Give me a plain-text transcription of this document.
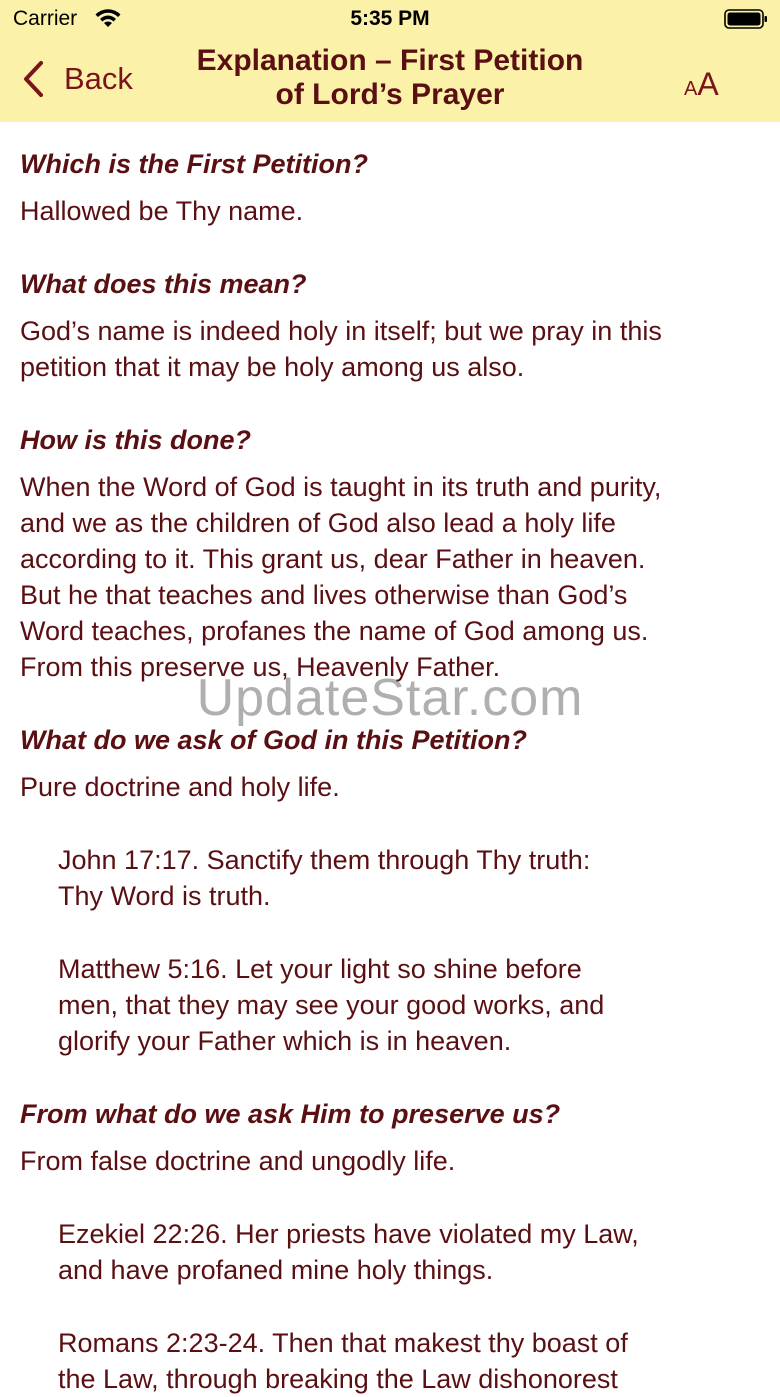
Carrier	5:35 PM
Back
Explanation – First Petition
of Lord’s Prayer	AA

Which is the First Petition?

Hallowed be Thy name.

What does this mean?

God’s name is indeed holy in itself; but we pray in this

petition that it may be holy among us also.

How is this done?

When the Word of God is taught in its truth and purity,

and we as the children of God also lead a holy life

according to it. This grant us, dear Father in heaven.

But he that teaches and lives otherwise than God’s

Word teaches, profanes the name of God among us.

From this preserve us, Heavenly Father.

What do we ask of God in this Petition?

Pure doctrine and holy life.

John 17:17. Sanctify them through Thy truth:

Thy Word is truth.

Matthew 5:16. Let your light so shine before

men, that they may see your good works, and

glorify your Father which is in heaven.

From what do we ask Him to preserve us?

From false doctrine and ungodly life.

Ezekiel 22:26. Her priests have violated my Law,

and have profaned mine holy things.

Romans 2:23-24. Then that makest thy boast of

the Law, through breaking the Law dishonorest

UpdateStar.com
